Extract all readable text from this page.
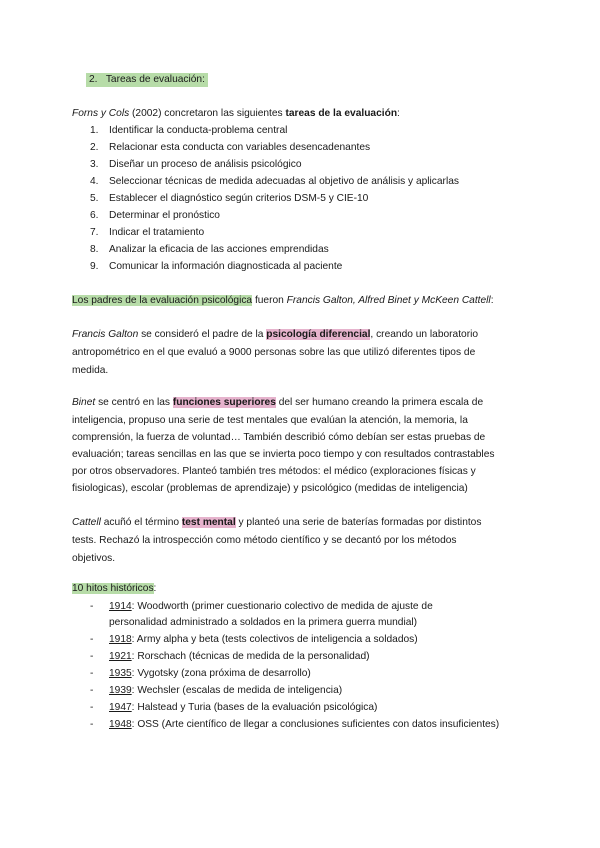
2. Tareas de evaluación:
Forns y Cols (2002) concretaron las siguientes tareas de la evaluación:
1. Identificar la conducta-problema central
2. Relacionar esta conducta con variables desencadenantes
3. Diseñar un proceso de análisis psicológico
4. Seleccionar técnicas de medida adecuadas al objetivo de análisis y aplicarlas
5. Establecer el diagnóstico según criterios DSM-5 y CIE-10
6. Determinar el pronóstico
7. Indicar el tratamiento
8. Analizar la eficacia de las acciones emprendidas
9. Comunicar la información diagnosticada al paciente
Los padres de la evaluación psicológica fueron Francis Galton, Alfred Binet y McKeen Cattell:
Francis Galton se consideró el padre de la psicología diferencial, creando un laboratorio
antropométrico en el que evaluó a 9000 personas sobre las que utilizó diferentes tipos de
medida.
Binet se centró en las funciones superiores del ser humano creando la primera escala de
inteligencia, propuso una serie de test mentales que evalúan la atención, la memoria, la
comprensión, la fuerza de voluntad… También describió cómo debían ser estas pruebas de
evaluación; tareas sencillas en las que se invierta poco tiempo y con resultados contrastables
por otros observadores. Planteó también tres métodos: el médico (exploraciones físicas y
fisiologicas), escolar (problemas de aprendizaje) y psicológico (medidas de inteligencia)
Cattell acuñó el término test mental y planteó una serie de baterías formadas por distintos
tests. Rechazó la introspección como método científico y se decantó por los métodos
objetivos.
10 hitos históricos:
- 1914: Woodworth (primer cuestionario colectivo de medida de ajuste de
personalidad administrado a soldados en la primera guerra mundial)
- 1918: Army alpha y beta (tests colectivos de inteligencia a soldados)
- 1921: Rorschach (técnicas de medida de la personalidad)
- 1935: Vygotsky (zona próxima de desarrollo)
- 1939: Wechsler (escalas de medida de inteligencia)
- 1947: Halstead y Turia (bases de la evaluación psicológica)
- 1948: OSS (Arte científico de llegar a conclusiones suficientes con datos insuficientes)
